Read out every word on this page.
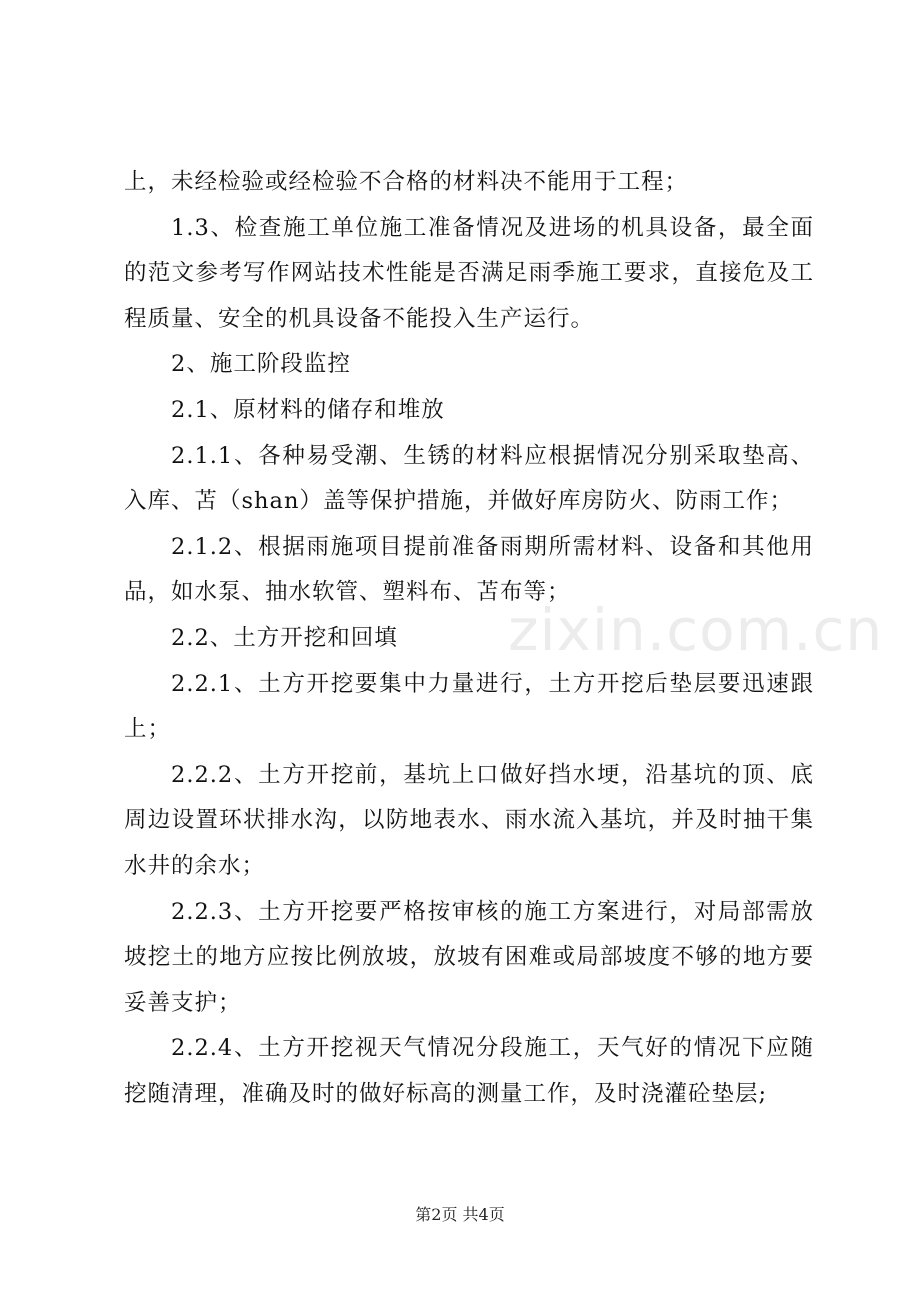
上，未经检验或经检验不合格的材料决不能用于工程；

1.3、检查施工单位施工准备情况及进场的机具设备，最全面的范文参考写作网站技术性能是否满足雨季施工要求，直接危及工程质量、安全的机具设备不能投入生产运行。

2、施工阶段监控

2.1、原材料的储存和堆放

2.1.1、各种易受潮、生锈的材料应根据情况分别采取垫高、入库、苫（shan）盖等保护措施，并做好库房防火、防雨工作；

2.1.2、根据雨施项目提前准备雨期所需材料、设备和其他用品，如水泵、抽水软管、塑料布、苫布等；

2.2、土方开挖和回填

2.2.1、土方开挖要集中力量进行，土方开挖后垫层要迅速跟上；

2.2.2、土方开挖前，基坑上口做好挡水埂，沿基坑的顶、底周边设置环状排水沟，以防地表水、雨水流入基坑，并及时抽干集水井的余水；

2.2.3、土方开挖要严格按审核的施工方案进行，对局部需放坡挖土的地方应按比例放坡，放坡有困难或局部坡度不够的地方要妥善支护；

2.2.4、土方开挖视天气情况分段施工，天气好的情况下应随挖随清理，准确及时的做好标高的测量工作，及时浇灌砼垫层;

zixin.com.cn
第2页 共4页
